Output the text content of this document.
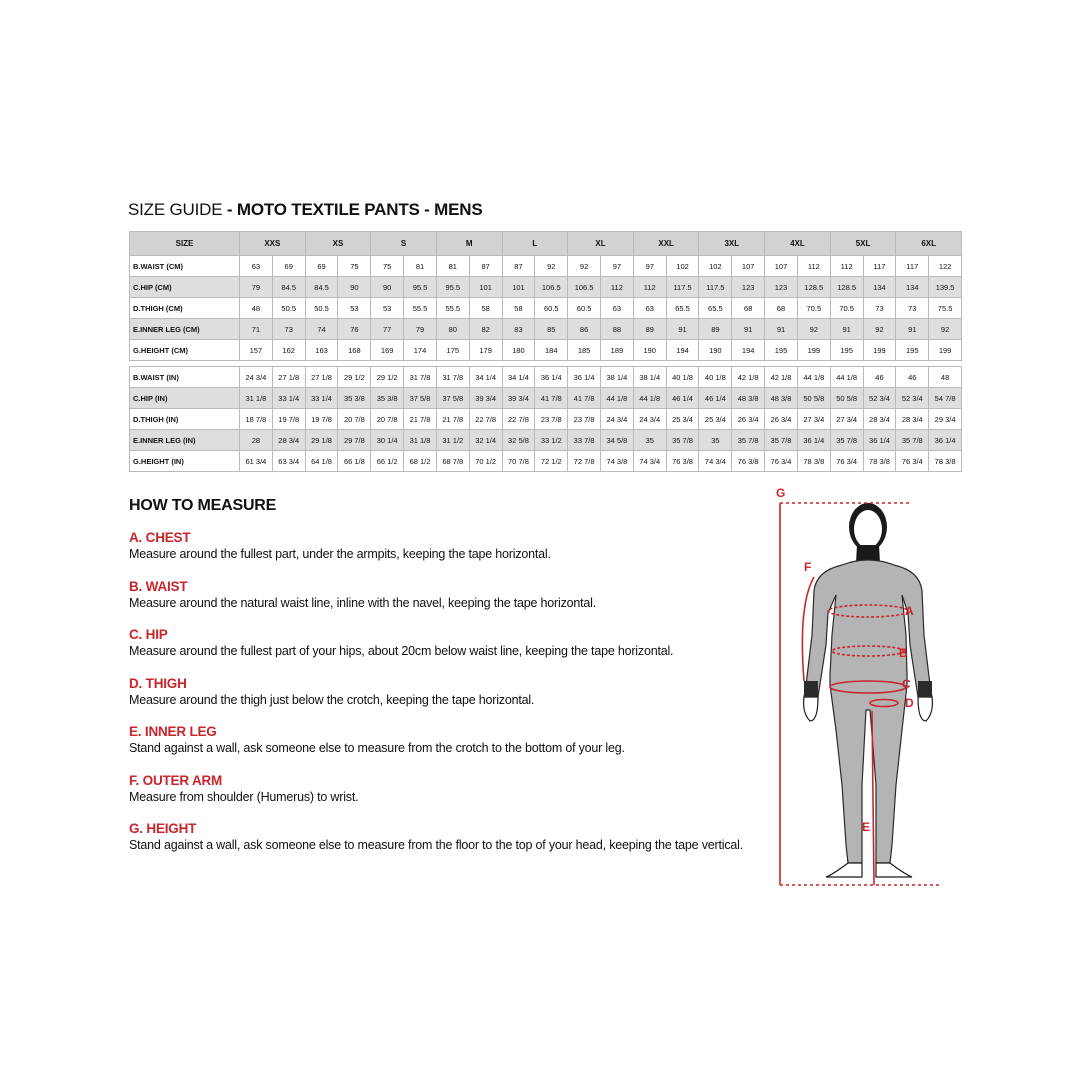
SIZE GUIDE - MOTO TEXTILE PANTS - MENS
SIZE	XXS		XS		S		M		L		XL		XXL		3XL		4XL		5XL		6XL	
B.WAIST (CM)	63	69	69	75	75	81	81	87	87	92	92	97	97	102	102	107	107	112	112	117	117	122
C.HIP (CM)	79	84.5	84.5	90	90	95.5	95.5	101	101	106.5	106.5	112	112	117.5	117.5	123	123	128.5	128.5	134	134	139.5
D.THIGH (CM)	48	50.5	50.5	53	53	55.5	55.5	58	58	60.5	60.5	63	63	65.5	65.5	68	68	70.5	70.5	73	73	75.5
E.INNER LEG (CM)	71	73	74	76	77	79	80	82	83	85	86	88	89	91	89	91	91	92	91	92	91	92
G.HEIGHT (CM)	157	162	163	168	169	174	175	179	180	184	185	189	190	194	190	194	195	199	195	199	195	199

B.WAIST (IN)	24 3/4	27 1/8	27 1/8	29 1/2	29 1/2	31 7/8	31 7/8	34 1/4	34 1/4	36 1/4	36 1/4	38 1/4	38 1/4	40 1/8	40 1/8	42 1/8	42 1/8	44 1/8	44 1/8	46	46	48
C.HIP (IN)	31 1/8	33 1/4	33 1/4	35 3/8	35 3/8	37 5/8	37 5/8	39 3/4	39 3/4	41 7/8	41 7/8	44 1/8	44 1/8	46 1/4	46 1/4	48 3/8	48 3/8	50 5/8	50 5/8	52 3/4	52 3/4	54 7/8
D.THIGH (IN)	18 7/8	19 7/8	19 7/8	20 7/8	20 7/8	21 7/8	21 7/8	22 7/8	22 7/8	23 7/8	23 7/8	24 3/4	24 3/4	25 3/4	25 3/4	26 3/4	26 3/4	27 3/4	27 3/4	28 3/4	28 3/4	29 3/4
E.INNER LEG (IN)	28	28 3/4	29 1/8	29 7/8	30 1/4	31 1/8	31 1/2	32 1/4	32 5/8	33 1/2	33 7/8	34 5/8	35	35 7/8	35	35 7/8	35 7/8	36 1/4	35 7/8	36 1/4	35 7/8	36 1/4
G.HEIGHT (IN)	61 3/4	63 3/4	64 1/8	66 1/8	66 1/2	68 1/2	68 7/8	70 1/2	70 7/8	72 1/2	72 7/8	74 3/8	74 3/4	76 3/8	74 3/4	76 3/8	76 3/4	78 3/8	76 3/4	78 3/8	76 3/4	78 3/8
HOW TO MEASURE
A. CHEST
Measure around the fullest part, under the armpits, keeping the tape horizontal.
B. WAIST
Measure around the natural waist line, inline with the navel, keeping the tape horizontal.
C. HIP
Measure around the fullest part of your hips, about 20cm below waist line, keeping the tape horizontal.
D. THIGH
Measure around the thigh just below the crotch, keeping the tape horizontal.
E. INNER LEG
Stand against a wall, ask someone else to measure from the crotch to the bottom of your leg.
F. OUTER ARM
Measure from shoulder (Humerus) to wrist.
G. HEIGHT
Stand against a wall, ask someone else to measure from the floor to the top of your head, keeping the tape vertical.
A
B
C
D
E
F
G
